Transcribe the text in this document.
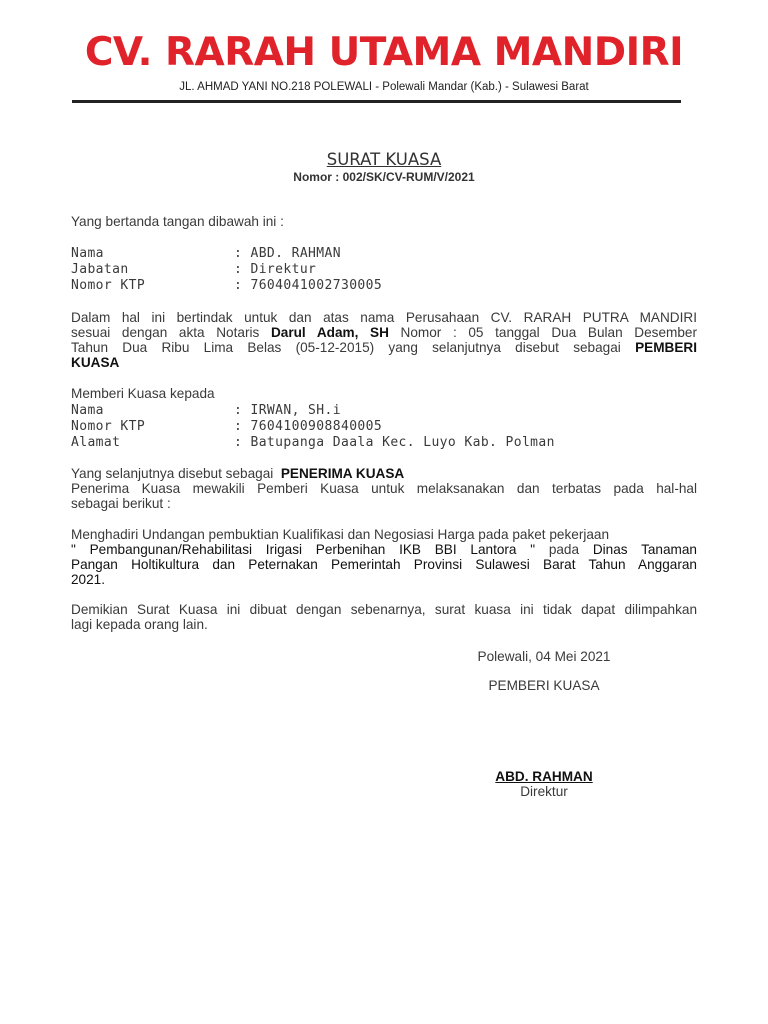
CV. RARAH UTAMA MANDIRI
JL. AHMAD YANI NO.218 POLEWALI - Polewali Mandar (Kab.) - Sulawesi Barat
SURAT KUASA
Nomor : 002/SK/CV-RUM/V/2021
Yang bertanda tangan dibawah ini :
Nama	: ABD. RAHMAN
Jabatan	: Direktur
Nomor KTP	: 7604041002730005
Dalam hal ini bertindak untuk dan atas nama Perusahaan CV. RARAH PUTRA MANDIRI
sesuai dengan akta Notaris Darul Adam, SH Nomor : 05 tanggal Dua Bulan Desember
Tahun Dua Ribu Lima Belas (05-12-2015) yang selanjutnya disebut sebagai PEMBERI
KUASA
Memberi Kuasa kepada
Nama	: IRWAN, SH.i
Nomor KTP	: 7604100908840005
Alamat	: Batupanga Daala Kec. Luyo Kab. Polman
Yang selanjutnya disebut sebagai PENERIMA KUASA
Penerima Kuasa mewakili Pemberi Kuasa untuk melaksanakan dan terbatas pada hal-hal
sebagai berikut :
Menghadiri Undangan pembuktian Kualifikasi dan Negosiasi Harga pada paket pekerjaan
" Pembangunan/Rehabilitasi Irigasi Perbenihan IKB BBI Lantora " pada Dinas Tanaman
Pangan Holtikultura dan Peternakan Pemerintah Provinsi Sulawesi Barat Tahun Anggaran
2021.
Demikian Surat Kuasa ini dibuat dengan sebenarnya, surat kuasa ini tidak dapat dilimpahkan
lagi kepada orang lain.
Polewali, 04 Mei 2021
PEMBERI KUASA
ABD. RAHMAN
Direktur
